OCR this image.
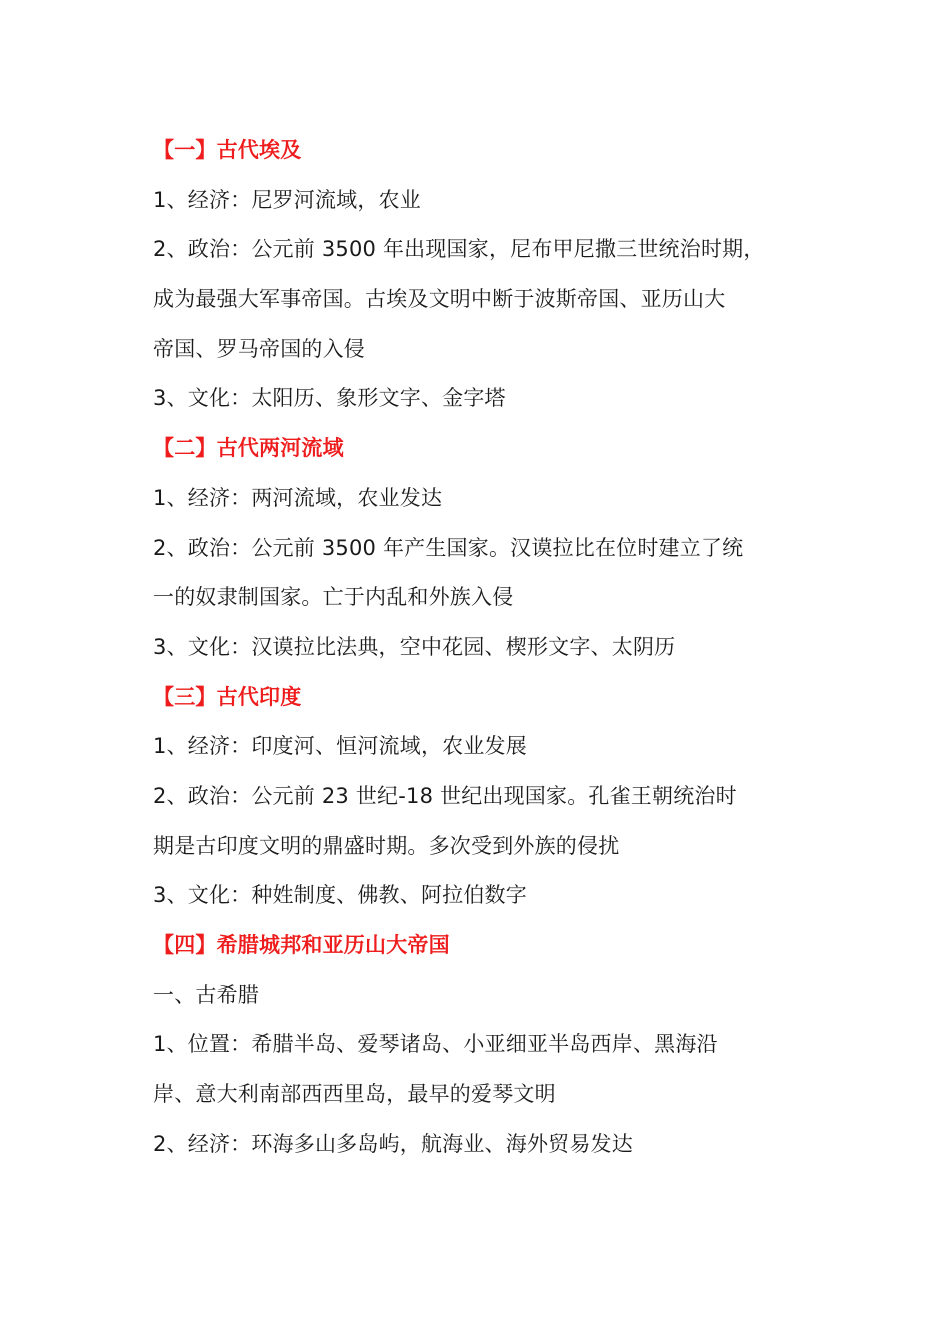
【一】古代埃及
1、经济：尼罗河流域，农业
2、政治：公元前 3500 年出现国家，尼布甲尼撒三世统治时期，
成为最强大军事帝国。古埃及文明中断于波斯帝国、亚历山大
帝国、罗马帝国的入侵
3、文化：太阳历、象形文字、金字塔
【二】古代两河流域
1、经济：两河流域，农业发达
2、政治：公元前 3500 年产生国家。汉谟拉比在位时建立了统
一的奴隶制国家。亡于内乱和外族入侵
3、文化：汉谟拉比法典，空中花园、楔形文字、太阴历
【三】古代印度
1、经济：印度河、恒河流域，农业发展
2、政治：公元前 23 世纪-18 世纪出现国家。孔雀王朝统治时
期是古印度文明的鼎盛时期。多次受到外族的侵扰
3、文化：种姓制度、佛教、阿拉伯数字
【四】希腊城邦和亚历山大帝国
一、古希腊
1、位置：希腊半岛、爱琴诸岛、小亚细亚半岛西岸、黑海沿
岸、意大利南部西西里岛，最早的爱琴文明
2、经济：环海多山多岛屿，航海业、海外贸易发达
